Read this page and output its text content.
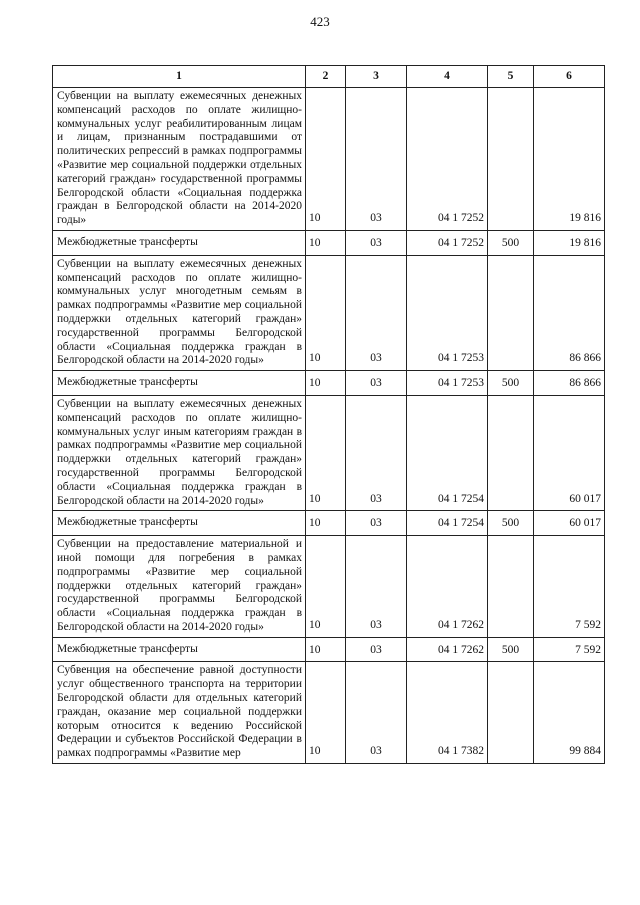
423
1	2	3	4	5	6
Субвенции на выплату ежемесячных денежных компенсаций расходов по оплате жилищно-коммунальных услуг реабилитированным лицам и лицам, признанным пострадавшими от политических репрессий в рамках подпрограммы «Развитие мер социальной поддержки отдельных категорий граждан» государственной программы Белгородской области «Социальная поддержка граждан в Белгородской области на 2014-2020 годы»	10	03	04 1 7252		19 816
Межбюджетные трансферты	10	03	04 1 7252	500	19 816
Субвенции на выплату ежемесячных денежных компенсаций расходов по оплате жилищно-коммунальных услуг многодетным семьям в рамках подпрограммы «Развитие мер социальной поддержки отдельных категорий граждан» государственной программы Белгородской области «Социальная поддержка граждан в Белгородской области на 2014-2020 годы»	10	03	04 1 7253		86 866
Межбюджетные трансферты	10	03	04 1 7253	500	86 866
Субвенции на выплату ежемесячных денежных компенсаций расходов по оплате жилищно-коммунальных услуг иным категориям граждан в рамках подпрограммы «Развитие мер социальной поддержки отдельных категорий граждан» государственной программы Белгородской области «Социальная поддержка граждан в Белгородской области на 2014-2020 годы»	10	03	04 1 7254		60 017
Межбюджетные трансферты	10	03	04 1 7254	500	60 017
Субвенции на предоставление материальной и иной помощи для погребения в рамках подпрограммы «Развитие мер социальной поддержки отдельных категорий граждан» государственной программы Белгородской области «Социальная поддержка граждан в Белгородской области на 2014-2020 годы»	10	03	04 1 7262		7 592
Межбюджетные трансферты	10	03	04 1 7262	500	7 592
Субвенция на обеспечение равной доступности услуг общественного транспорта на территории Белгородской области для отдельных категорий граждан, оказание мер социальной поддержки которым относится к ведению Российской Федерации и субъектов Российской Федерации в рамках подпрограммы «Развитие мер	10	03	04 1 7382		99 884
